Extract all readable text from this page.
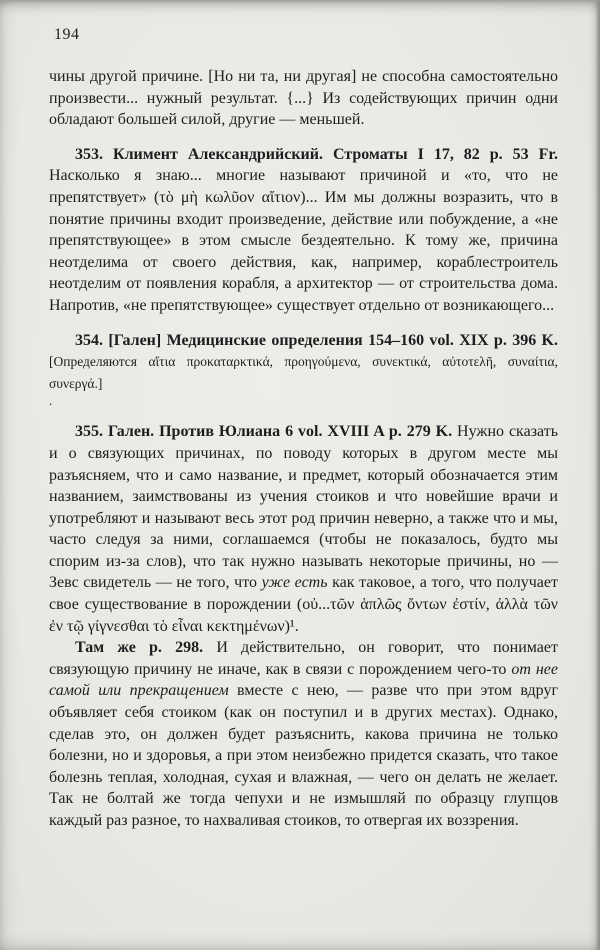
194

чины другой причине. [Но ни та, ни другая] не способна самостоятельно произвести... нужный результат. {...} Из содействующих причин одни обладают большей силой, другие — меньшей.

353. Климент Александрийский. Строматы I 17, 82 p. 53 Fr. Насколько я знаю... многие называют причиной и «то, что не препятствует» (τὸ μὴ κωλῦον αἴτιον)... Им мы должны возразить, что в понятие причины входит произведение, действие или побуждение, а «не препятствующее» в этом смысле бездеятельно. К тому же, причина неотделима от своего действия, как, например, кораблестроитель неотделим от появления корабля, а архитектор — от строительства дома. Напротив, «не препятствующее» существует отдельно от возникающего...

354. [Гален] Медицинские определения 154–160 vol. XIX p. 396 K. [Определяются αἴτια προκαταρκτικά, προηγούμενα, συνεκτικά, αὐτοτελῆ, συναίτια, συνεργά.]

.

355. Гален. Против Юлиана 6 vol. XVIII A p. 279 K. Нужно сказать и о связующих причинах, по поводу которых в другом месте мы разъясняем, что и само название, и предмет, который обозначается этим названием, заимствованы из учения стоиков и что новейшие врачи и употребляют и называют весь этот род причин неверно, а также что и мы, часто следуя за ними, соглашаемся (чтобы не показалось, будто мы спорим из-за слов), что так нужно называть некоторые причины, но — Зевс свидетель — не того, что уже есть как таковое, а того, что получает свое существование в порождении (οὐ...τῶν ἁπλῶς ὄντων ἐστίν, ἀλλὰ τῶν ἐν τῷ γίγνεσθαι τὸ εἶναι κεκτημένων)¹.

Там же p. 298. И действительно, он говорит, что понимает связующую причину не иначе, как в связи с порождением чего-то от нее самой или прекращением вместе с нею, — разве что при этом вдруг объявляет себя стоиком (как он поступил и в других местах). Однако, сделав это, он должен будет разъяснить, какова причина не только болезни, но и здоровья, а при этом неизбежно придется сказать, что такое болезнь теплая, холодная, сухая и влажная, — чего он делать не желает. Так не болтай же тогда чепухи и не измышляй по образцу глупцов каждый раз разное, то нахваливая стоиков, то отвергая их воззрения.
